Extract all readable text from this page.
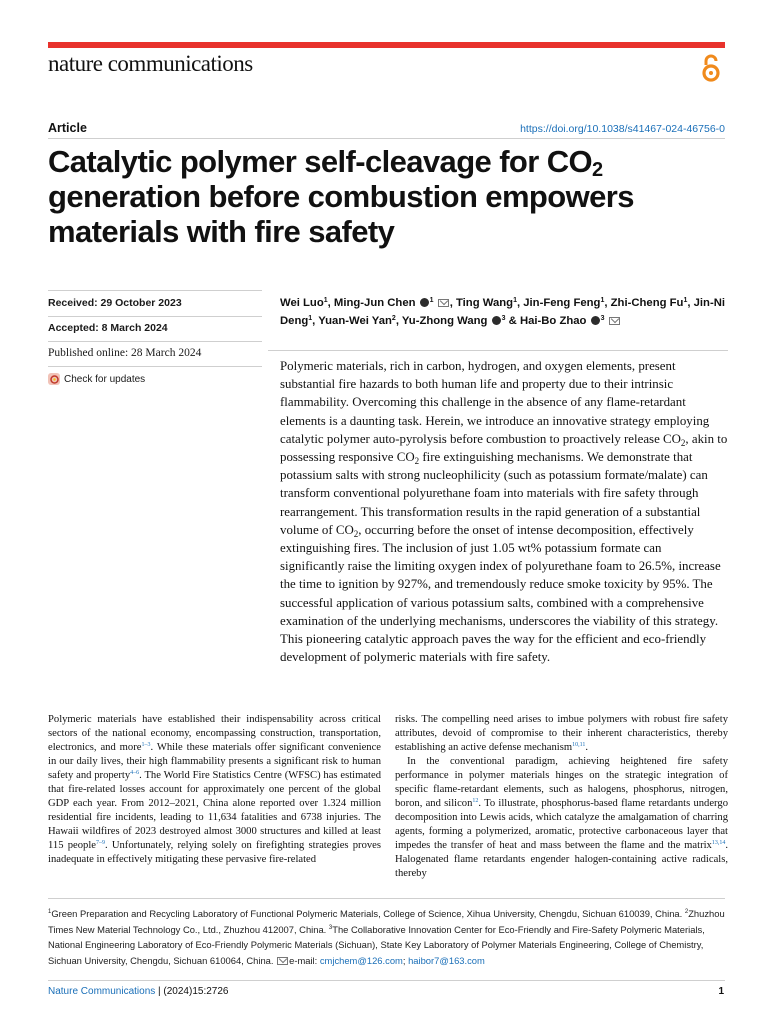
nature communications
Article	https://doi.org/10.1038/s41467-024-46756-0
Catalytic polymer self-cleavage for $CO_2$
generation before combustion empowers
materials with fire safety
Received: 29 October 2023
Accepted: 8 March 2024
Published online: 28 March 2024
Check for updates
Wei Luo$^1$, Ming-Jun Chen $^1$ , Ting Wang$^1$, Jin-Feng Feng$^1$, Zhi-Cheng Fu$^1$, Jin-Ni Deng$^1$, Yuan-Wei Yan$^2$, Yu-Zhong Wang $^3$ & Hai-Bo Zhao $^3$

Polymeric materials, rich in carbon, hydrogen, and oxygen elements, present substantial fire hazards to both human life and property due to their intrinsic flammability. Overcoming this challenge in the absence of any flame-retardant elements is a daunting task. Herein, we introduce an innovative strategy employing catalytic polymer auto-pyrolysis before combustion to proactively release $CO_2$, akin to possessing responsive $CO_2$ fire extinguishing mechanisms. We demonstrate that potassium salts with strong nucleophilicity (such as potassium formate/malate) can transform conventional polyurethane foam into materials with fire safety through rearrangement. This transformation results in the rapid generation of a substantial volume of $CO_2$, occurring before the onset of intense decomposition, effectively extinguishing fires. The inclusion of just 1.05 wt% potassium formate can significantly raise the limiting oxygen index of polyurethane foam to 26.5%, increase the time to ignition by 927%, and tremendously reduce smoke toxicity by 95%. The successful application of various potassium salts, combined with a comprehensive examination of the underlying mechanisms, underscores the viability of this strategy. This pioneering catalytic approach paves the way for the efficient and eco-friendly development of polymeric materials with fire safety.

Polymeric materials have established their indispensability across critical sectors of the national economy, encompassing construction, transportation, electronics, and more$^{1-3}$. While these materials offer significant convenience in our daily lives, their high flammability presents a significant risk to human safety and property$^{4-6}$. The World Fire Statistics Centre (WFSC) has estimated that fire-related losses account for approximately one percent of the global GDP each year. From 2012–2021, China alone reported over 1.324 million residential fire incidents, leading to 11,634 fatalities and 6738 injuries. The Hawaii wildfires of 2023 destroyed almost 3000 structures and killed at least 115 people$^{7-9}$. Unfortunately, relying solely on firefighting strategies proves inadequate in effectively mitigating these pervasive fire-related

risks. The compelling need arises to imbue polymers with robust fire safety attributes, devoid of compromise to their inherent characteristics, thereby establishing an active defense mechanism$^{10,11}$.

In the conventional paradigm, achieving heightened fire safety performance in polymer materials hinges on the strategic integration of specific flame-retardant elements, such as halogens, phosphorus, nitrogen, boron, and silicon$^{12}$. To illustrate, phosphorus-based flame retardants undergo decomposition into Lewis acids, which catalyze the amalgamation of charring agents, forming a polymerized, aromatic, protective carbonaceous layer that impedes the transfer of heat and mass between the flame and the matrix$^{13,14}$. Halogenated flame retardants engender halogen-containing active radicals, thereby

$^1$Green Preparation and Recycling Laboratory of Functional Polymeric Materials, College of Science, Xihua University, Chengdu, Sichuan 610039, China. $^2$Zhuzhou Times New Material Technology Co., Ltd., Zhuzhou 412007, China. $^3$The Collaborative Innovation Center for Eco-Friendly and Fire-Safety Polymeric Materials, National Engineering Laboratory of Eco-Friendly Polymeric Materials (Sichuan), State Key Laboratory of Polymer Materials Engineering, College of Chemistry, Sichuan University, Chengdu, Sichuan 610064, China. e-mail: cmjchem@126.com; haibor7@163.com
Nature Communications | (2024)15:2726	1
